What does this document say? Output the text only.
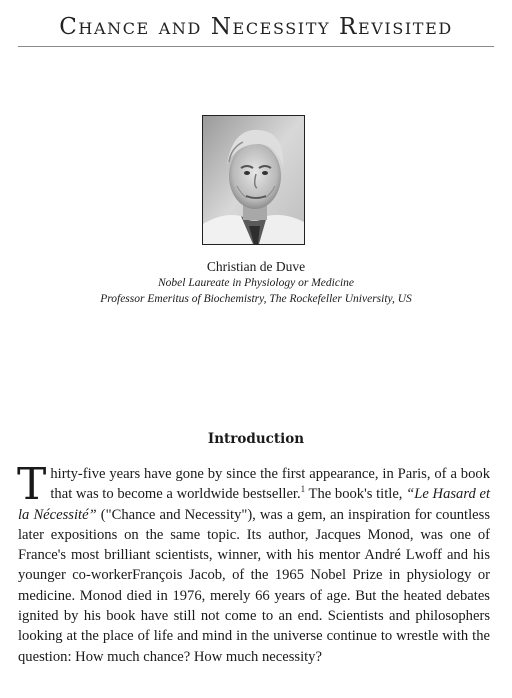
Chance and Necessity Revisited
Christian de Duve
Nobel Laureate in Physiology or Medicine
Professor Emeritus of Biochemistry, The Rockefeller University, US
Introduction
Thirty-five years have gone by since the first appearance, in Paris, of a book that was to become a worldwide bestseller.$^1$ The book's title, “Le Hasard et la Nécessité” ("Chance and Necessity"), was a gem, an inspiration for countless later expositions on the same topic. Its author, Jacques Monod, was one of France's most brilliant scientists, winner, with his mentor André Lwoff and his younger co-workerFrançois Jacob, of the 1965 Nobel Prize in physiology or medicine. Monod died in 1976, merely 66 years of age. But the heated debates ignited by his book have still not come to an end. Scientists and philosophers looking at the place of life and mind in the universe continue to wrestle with the question: How much chance? How much necessity?
